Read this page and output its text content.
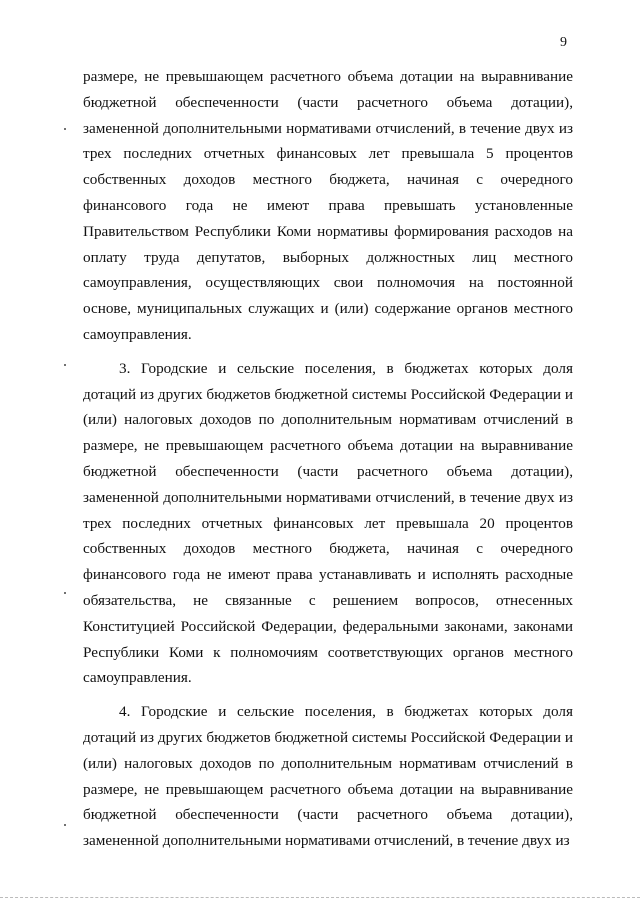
9

размере, не превышающем расчетного объема дотации на выравнивание бюджетной обеспеченности (части расчетного объема дотации), замененной дополнительными нормативами отчислений, в течение двух из трех последних отчетных финансовых лет превышала 5 процентов собственных доходов местного бюджета, начиная с очередного финансового года не имеют права превышать установленные Правительством Республики Коми нормативы формирования расходов на оплату труда депутатов, выборных должностных лиц местного самоуправления, осуществляющих свои полномочия на постоянной основе, муниципальных служащих и (или) содержание органов местного самоуправления.

3. Городские и сельские поселения, в бюджетах которых доля дотаций из других бюджетов бюджетной системы Российской Федерации и (или) налоговых доходов по дополнительным нормативам отчислений в размере, не превышающем расчетного объема дотации на выравнивание бюджетной обеспеченности (части расчетного объема дотации), замененной дополнительными нормативами отчислений, в течение двух из трех последних отчетных финансовых лет превышала 20 процентов собственных доходов местного бюджета, начиная с очередного финансового года не имеют права устанавливать и исполнять расходные обязательства, не связанные с решением вопросов, отнесенных Конституцией Российской Федерации, федеральными законами, законами Республики Коми к полномочиям соответствующих органов местного самоуправления.

4. Городские и сельские поселения, в бюджетах которых доля дотаций из других бюджетов бюджетной системы Российской Федерации и (или) налоговых доходов по дополнительным нормативам отчислений в размере, не превышающем расчетного объема дотации на выравнивание бюджетной обеспеченности (части расчетного объема дотации), замененной дополнительными нормативами отчислений, в течение двух из
